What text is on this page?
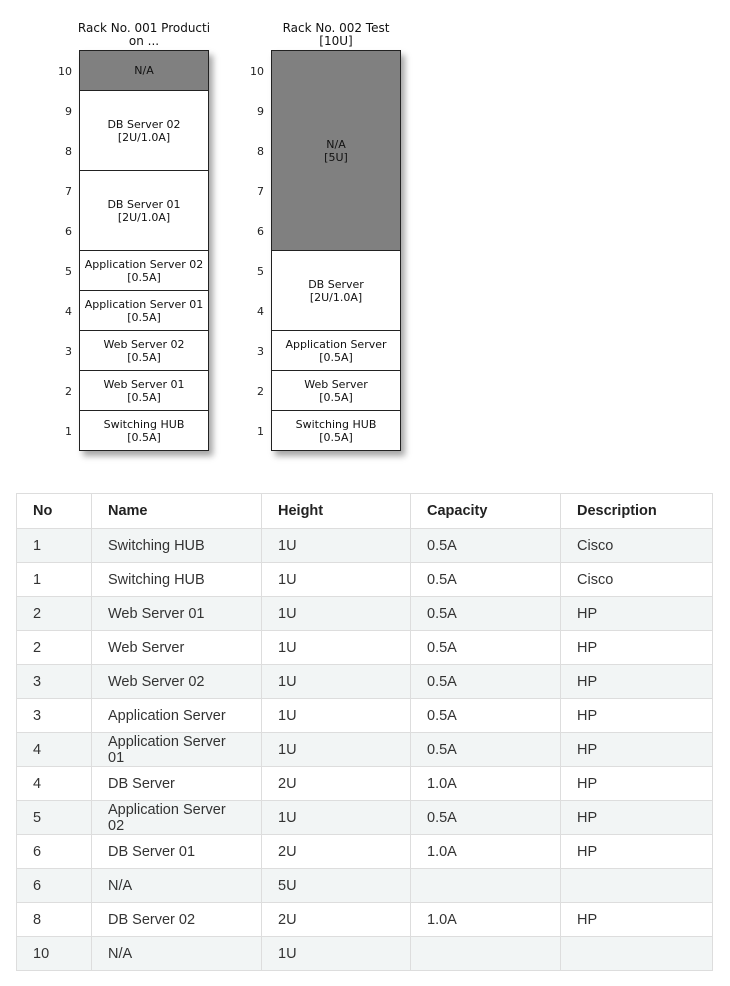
Rack No. 001 Producti
on ...
10
9
8
7
6
5
4
3
2
1
N/A
DB Server 02
[2U/1.0A]
DB Server 01
[2U/1.0A]
Application Server 02
[0.5A]
Application Server 01
[0.5A]
Web Server 02
[0.5A]
Web Server 01
[0.5A]
Switching HUB
[0.5A]
Rack No. 002 Test
[10U]
10
9
8
7
6
5
4
3
2
1
N/A
[5U]
DB Server
[2U/1.0A]
Application Server
[0.5A]
Web Server
[0.5A]
Switching HUB
[0.5A]
No	Name	Height	Capacity	Description
1	Switching HUB	1U	0.5A	Cisco
1	Switching HUB	1U	0.5A	Cisco
2	Web Server 01	1U	0.5A	HP
2	Web Server	1U	0.5A	HP
3	Web Server 02	1U	0.5A	HP
3	Application Server	1U	0.5A	HP
4	Application Server 01	1U	0.5A	HP
4	DB Server	2U	1.0A	HP
5	Application Server 02	1U	0.5A	HP
6	DB Server 01	2U	1.0A	HP
6	N/A	5U		
8	DB Server 02	2U	1.0A	HP
10	N/A	1U		
